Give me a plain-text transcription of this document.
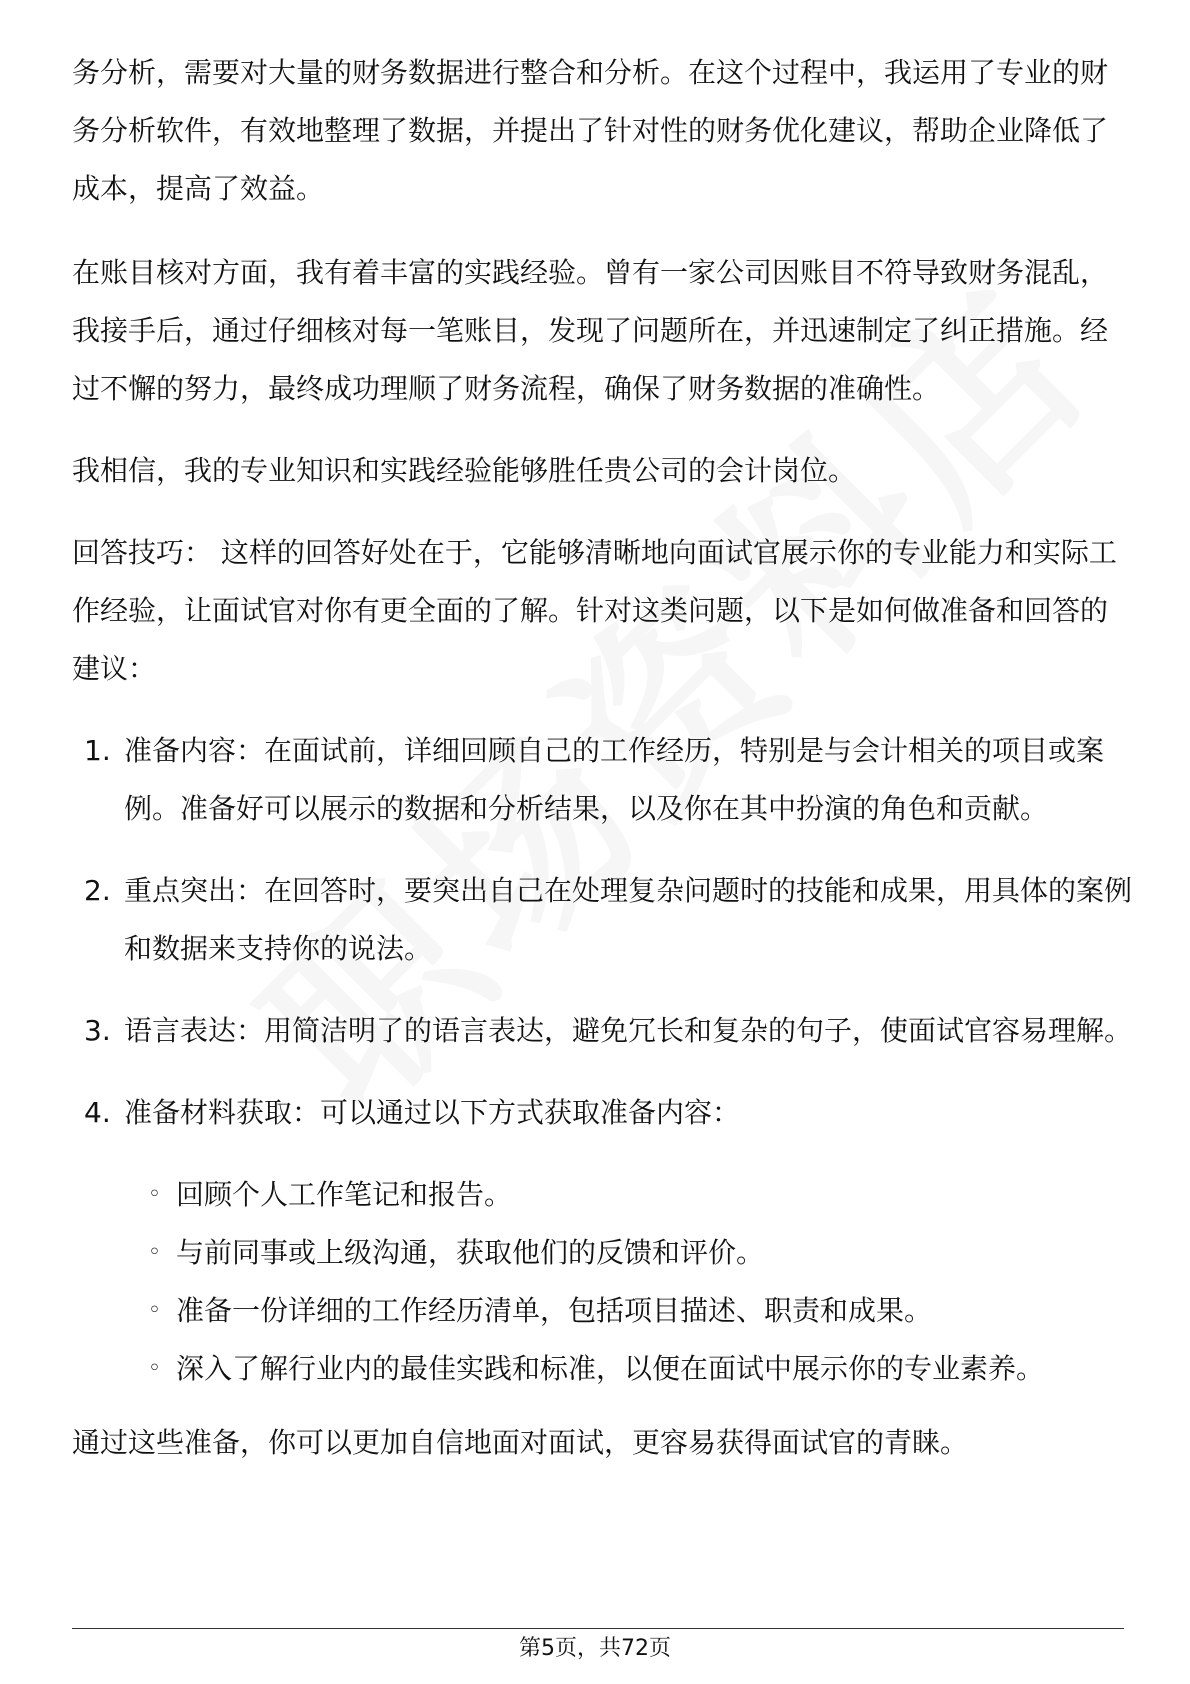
务分析，需要对大量的财务数据进行整合和分析。在这个过程中，我运用了专业的财务分析软件，有效地整理了数据，并提出了针对性的财务优化建议，帮助企业降低了成本，提高了效益。

在账目核对方面，我有着丰富的实践经验。曾有一家公司因账目不符导致财务混乱，我接手后，通过仔细核对每一笔账目，发现了问题所在，并迅速制定了纠正措施。经过不懈的努力，最终成功理顺了财务流程，确保了财务数据的准确性。

我相信，我的专业知识和实践经验能够胜任贵公司的会计岗位。

回答技巧： 这样的回答好处在于，它能够清晰地向面试官展示你的专业能力和实际工作经验，让面试官对你有更全面的了解。针对这类问题，以下是如何做准备和回答的建议：

1. 准备内容：在面试前，详细回顾自己的工作经历，特别是与会计相关的项目或案例。准备好可以展示的数据和分析结果，以及你在其中扮演的角色和贡献。
2. 重点突出：在回答时，要突出自己在处理复杂问题时的技能和成果，用具体的案例和数据来支持你的说法。
3. 语言表达：用简洁明了的语言表达，避免冗长和复杂的句子，使面试官容易理解。
4. 准备材料获取：可以通过以下方式获取准备内容：
◦ 回顾个人工作笔记和报告。
◦ 与前同事或上级沟通，获取他们的反馈和评价。
◦ 准备一份详细的工作经历清单，包括项目描述、职责和成果。
◦ 深入了解行业内的最佳实践和标准，以便在面试中展示你的专业素养。

通过这些准备，你可以更加自信地面对面试，更容易获得面试官的青睐。

第5页，共72页
